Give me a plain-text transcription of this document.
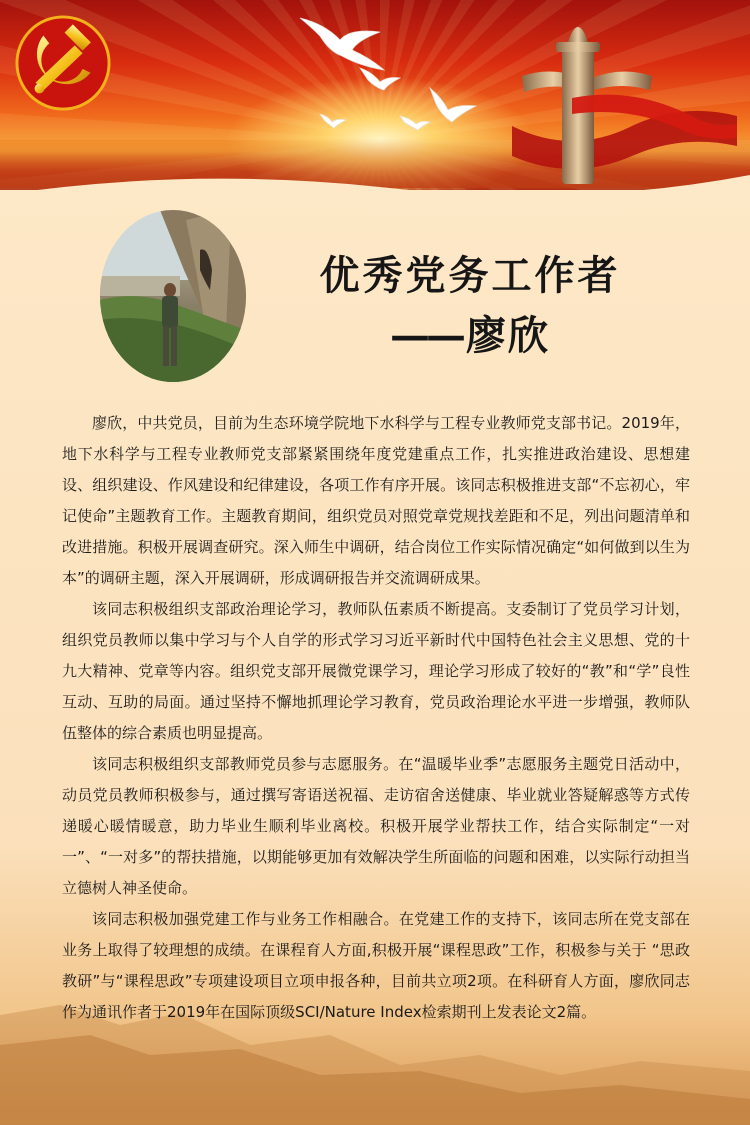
优秀党务工作者
—— 廖欣

廖欣，中共党员，目前为生态环境学院地下水科学与工程专业教师党支部书记。2019年，地下水科学与工程专业教师党支部紧紧围绕年度党建重点工作，扎实推进政治建设、思想建设、组织建设、作风建设和纪律建设，各项工作有序开展。该同志积极推进支部“不忘初心，牢记使命”主题教育工作。主题教育期间，组织党员对照党章党规找差距和不足，列出问题清单和改进措施。积极开展调查研究。深入师生中调研，结合岗位工作实际情况确定“如何做到以生为本”的调研主题，深入开展调研，形成调研报告并交流调研成果。

该同志积极组织支部政治理论学习，教师队伍素质不断提高。支委制订了党员学习计划，组织党员教师以集中学习与个人自学的形式学习习近平新时代中国特色社会主义思想、党的十九大精神、党章等内容。组织党支部开展微党课学习，理论学习形成了较好的“教”和“学”良性互动、互助的局面。通过坚持不懈地抓理论学习教育，党员政治理论水平进一步增强，教师队伍整体的综合素质也明显提高。

该同志积极组织支部教师党员参与志愿服务。在“温暖毕业季”志愿服务主题党日活动中，动员党员教师积极参与，通过撰写寄语送祝福、走访宿舍送健康、毕业就业答疑解惑等方式传递暖心暖情暖意，助力毕业生顺利毕业离校。积极开展学业帮扶工作，结合实际制定“一对一”、“一对多”的帮扶措施，以期能够更加有效解决学生所面临的问题和困难，以实际行动担当立德树人神圣使命。

该同志积极加强党建工作与业务工作相融合。在党建工作的支持下，该同志所在党支部在业务上取得了较理想的成绩。在课程育人方面,积极开展“课程思政”工作，积极参与关于 “思政教研”与“课程思政”专项建设项目立项申报各种，目前共立项2项。在科研育人方面，廖欣同志作为通讯作者于2019年在国际顶级SCI/Nature Index检索期刊上发表论文2篇。
